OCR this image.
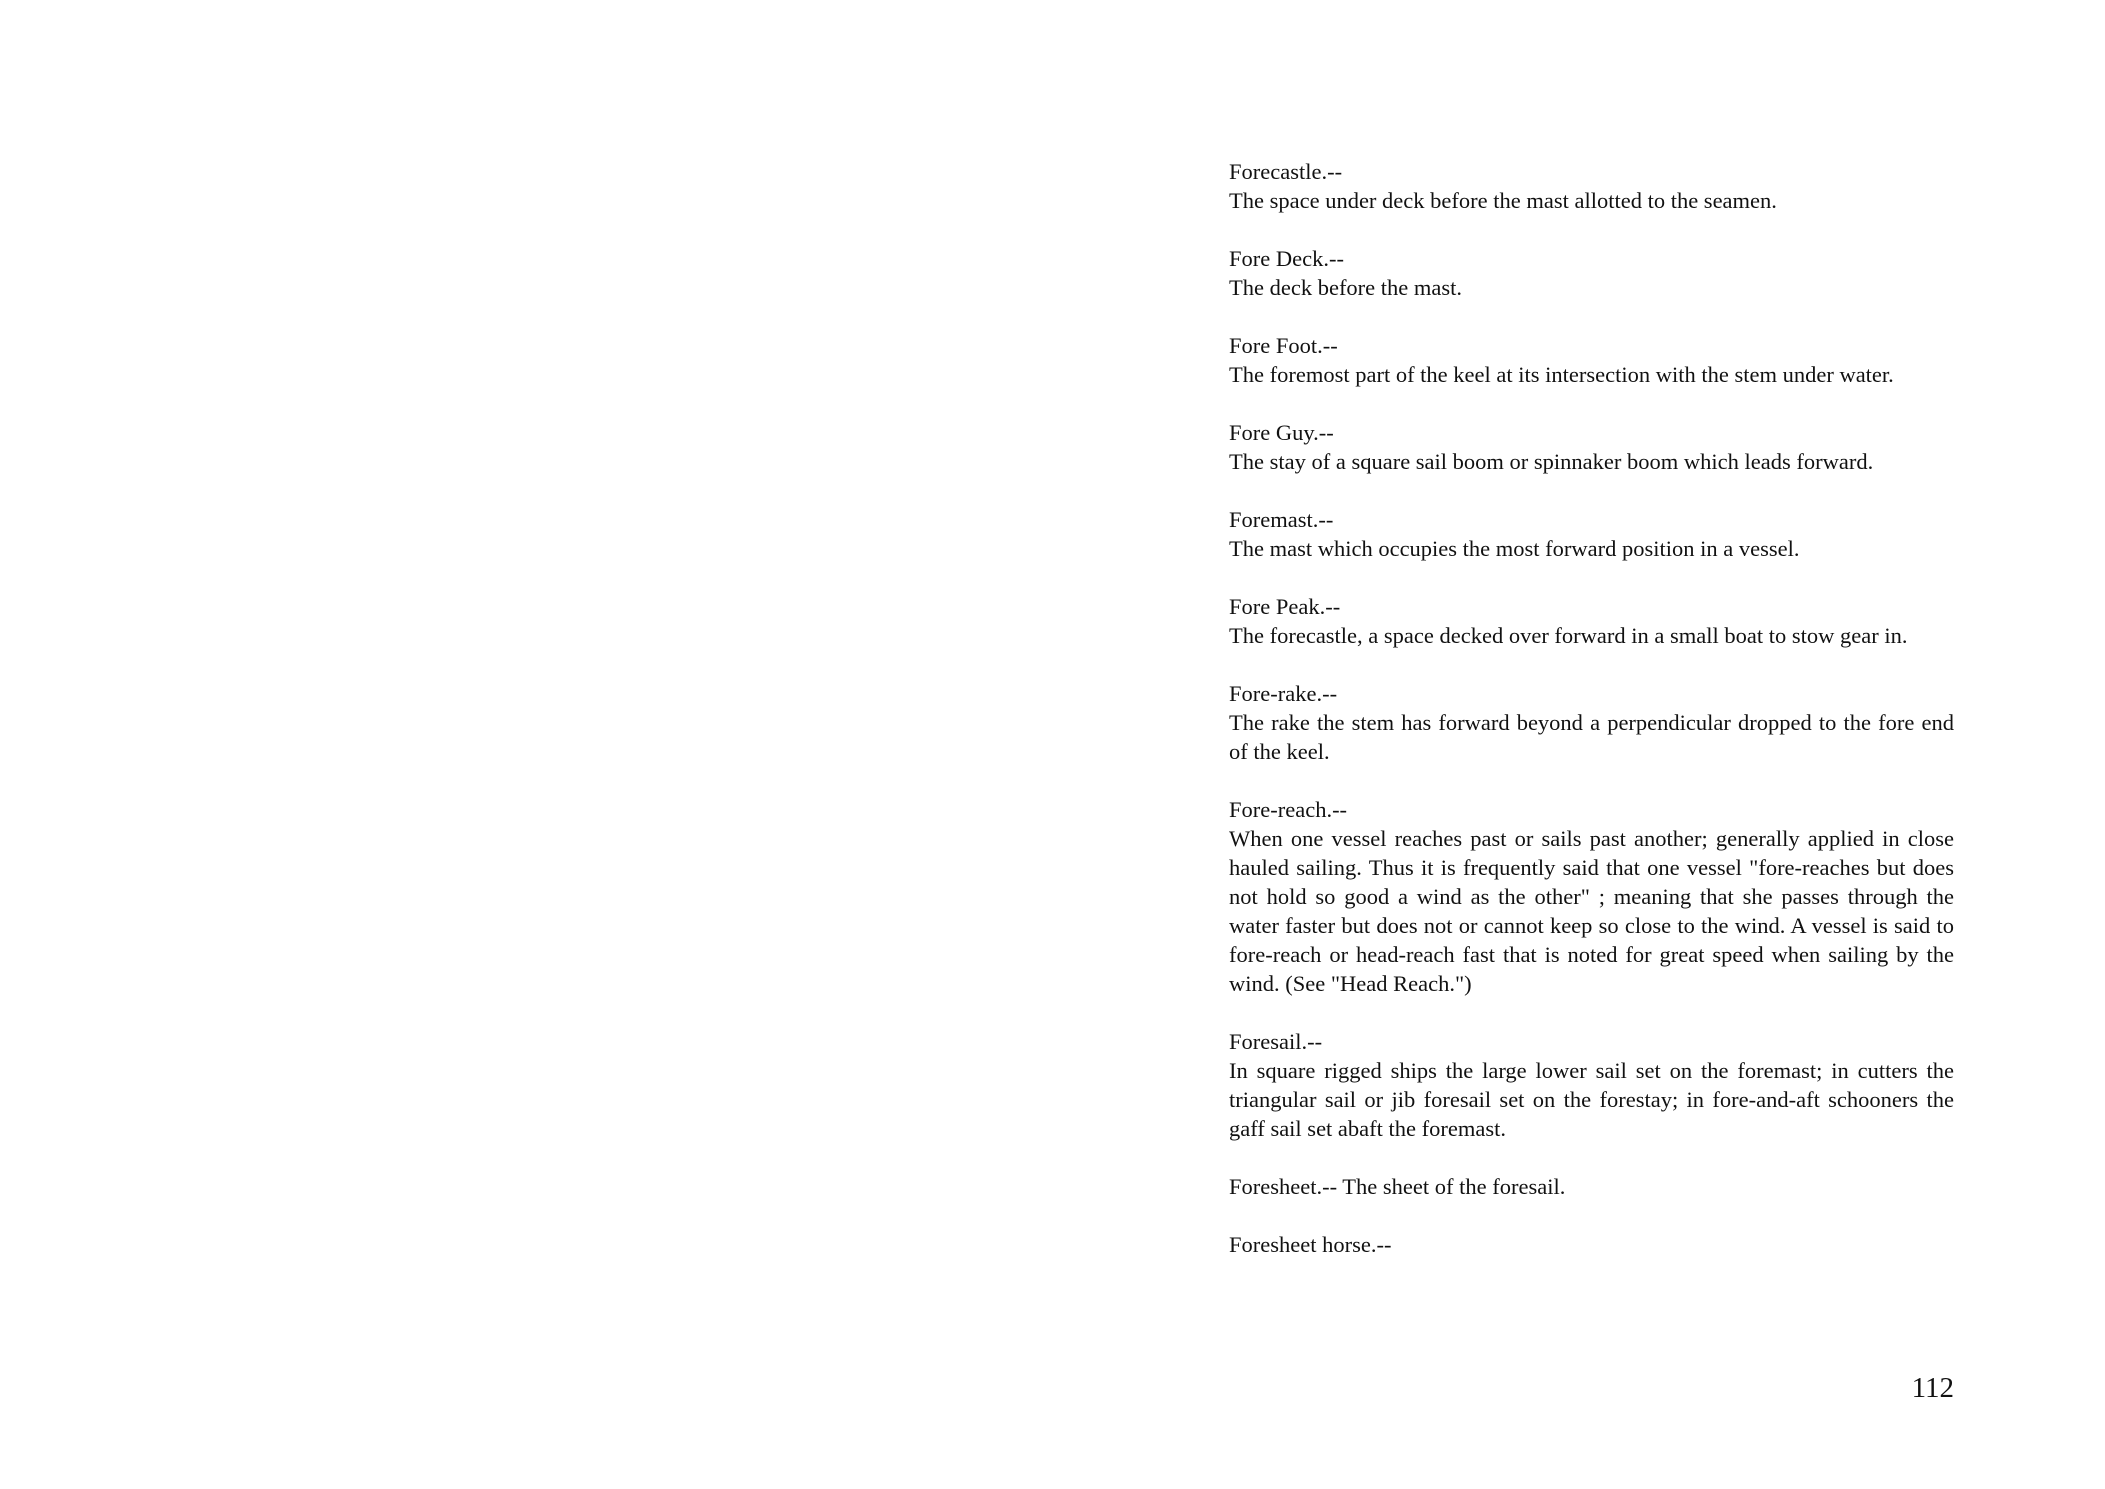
Forecastle.--
The space under deck before the mast allotted to the seamen.
Fore Deck.--
The deck before the mast.
Fore Foot.--
The foremost part of the keel at its intersection with the stem under water.
Fore Guy.--
The stay of a square sail boom or spinnaker boom which leads forward.
Foremast.--
The mast which occupies the most forward position in a vessel.
Fore Peak.--
The forecastle, a space decked over forward in a small boat to stow gear in.
Fore-rake.--
The rake the stem has forward beyond a perpendicular dropped to the fore end of the keel.
Fore-reach.--
When one vessel reaches past or sails past another; generally applied in close hauled sailing. Thus it is frequently said that one vessel "fore-reaches but does not hold so good a wind as the other" ; meaning that she passes through the water faster but does not or cannot keep so close to the wind. A vessel is said to fore-reach or head-reach fast that is noted for great speed when sailing by the wind. (See "Head Reach.")
Foresail.--
In square rigged ships the large lower sail set on the foremast; in cutters the triangular sail or jib foresail set on the forestay; in fore-and-aft schooners the gaff sail set abaft the foremast.
Foresheet.-- The sheet of the foresail.
Foresheet horse.--
112
